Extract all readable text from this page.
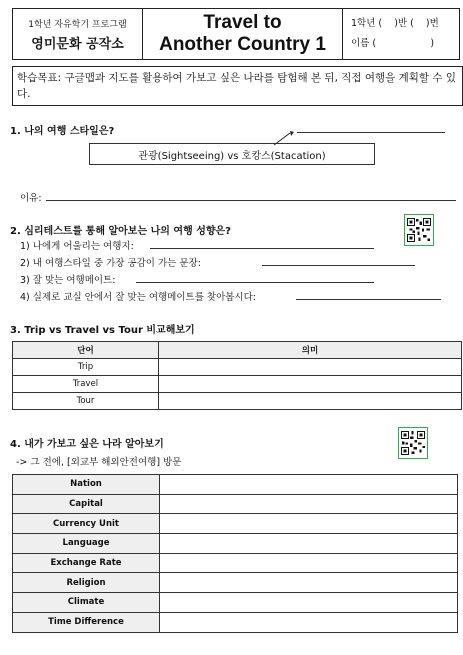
1학년 자유학기 프로그램
영미문화 공작소
Travel to
Another Country 1
1학년 (    )반 (    )번
이름 (                  )
학습목표: 구글맵과 지도를 활용하여 가보고 싶은 나라를 탐험해 본 뒤, 직접 여행을 계획할 수 있다.
1. 나의 여행 스타일은?
관광(Sightseeing) vs 호캉스(Stacation)
이유:
2. 심리테스트를 통해 알아보는 나의 여행 성향은?
1) 나에게 어울리는 여행지:
2) 내 여행스타일 중 가장 공감이 가는 문장:
3) 잘 맞는 여행메이트:
4) 실제로 교실 안에서 잘 맞는 여행메이트를 찾아봅시다:
3. Trip vs Travel vs Tour 비교해보기
단어	의미
Trip	
Travel	
Tour	
4. 내가 가보고 싶은 나라 알아보기
-> 그 전에, [외교부 해외안전여행] 방문
Nation	
Capital	
Currency Unit	
Language	
Exchange Rate	
Religion	
Climate	
Time Difference	
